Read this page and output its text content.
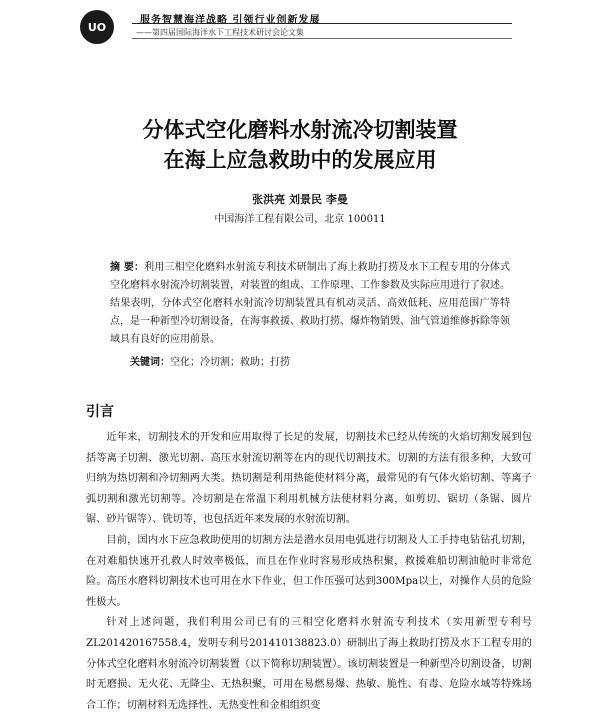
UO	服务智慧海洋战略 引领行业创新发展
——第四届国际海洋水下工程技术研讨会论文集
分体式空化磨料水射流冷切割装置
在海上应急救助中的发展应用
张洪亮 刘景民 李曼
中国海洋工程有限公司，北京 100011
摘 要：利用三相空化磨料水射流专利技术研制出了海上救助打捞及水下工程专用的分体式空化磨料水射流冷切割装置，对装置的组成、工作原理、工作参数及实际应用进行了叙述。结果表明，分体式空化磨料水射流冷切割装置具有机动灵活、高效低耗、应用范围广等特点，是一种新型冷切割设备，在海事救援、救助打捞、爆炸物销毁、油气管道维修拆除等领域具有良好的应用前景。
关键词：空化；冷切割；救助；打捞
引言

近年来，切割技术的开发和应用取得了长足的发展，切割技术已经从传统的火焰切割发展到包括等离子切割、激光切割、高压水射流切割等在内的现代切割技术。切割的方法有很多种，大致可归纳为热切割和冷切割两大类。热切割是利用热能使材料分离，最常见的有气体火焰切割、等离子弧切割和激光切割等。冷切割是在常温下利用机械方法使材料分离，如剪切、锯切（条锯、圆片锯、砂片锯等）、铣切等，也包括近年来发展的水射流切割。

目前，国内水下应急救助使用的切割方法是潜水员用电弧进行切割及人工手持电钻钻孔切割，在对难船快速开孔救人时效率极低，而且在作业时容易形成热积聚，救援难船切割油舱时非常危险。高压水磨料切割技术也可用在水下作业，但工作压强可达到300Mpa以上，对操作人员的危险性极大。

针对上述问题，我们利用公司已有的三相空化磨料水射流专利技术（实用新型专利号ZL201420167558.4，发明专利号201410138823.0）研制出了海上救助打捞及水下工程专用的分体式空化磨料水射流冷切割装置（以下简称切割装置）。该切割装置是一种新型冷切割设备，切割时无磨损、无火花、无降尘、无热积聚，可用在易燃易爆、热敏、脆性、有毒、危险水域等特殊场合工作；切割材料无选择性、无热变性和金相组织变
